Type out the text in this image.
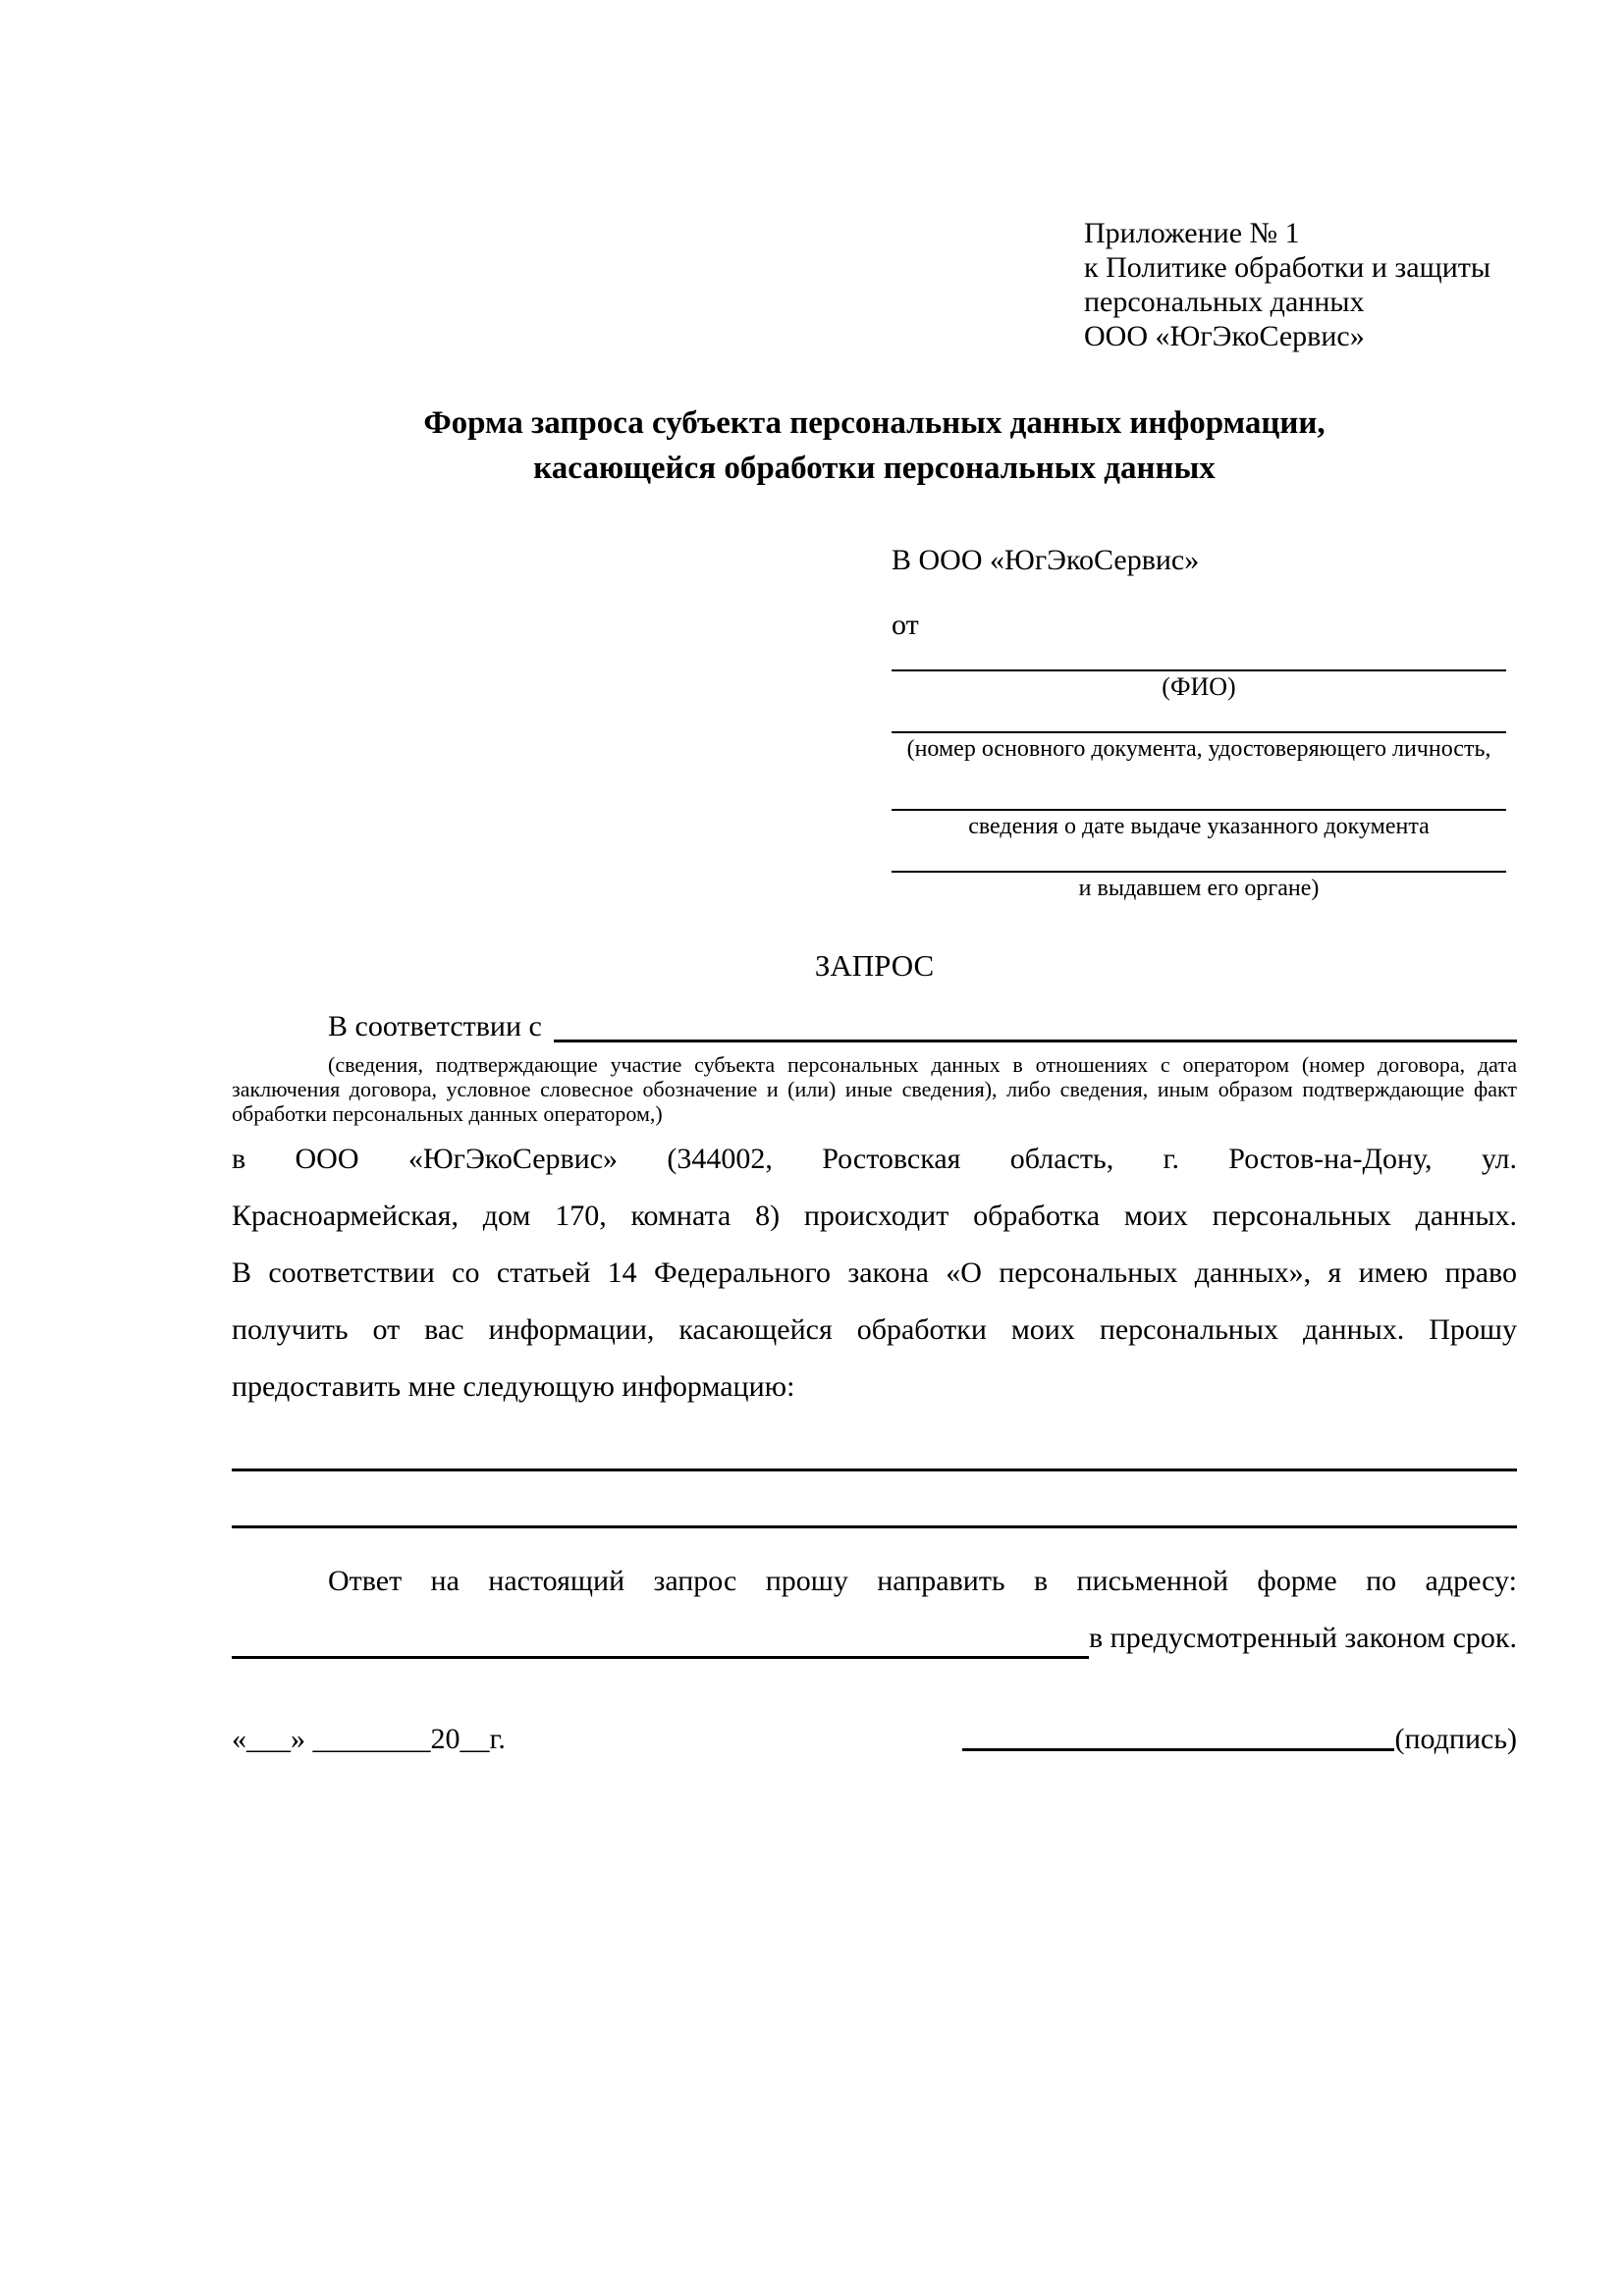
Приложение № 1
к Политике обработки и защиты
персональных данных
ООО «ЮгЭкоСервис»
Форма запроса субъекта персональных данных информации,
касающейся обработки персональных данных
В ООО «ЮгЭкоСервис»
от
(ФИО)
(номер основного документа, удостоверяющего личность,
сведения о дате выдаче указанного документа
и выдавшем его органе)
ЗАПРОС
В соответствии с
(сведения, подтверждающие участие субъекта персональных данных в отношениях с оператором (номер договора, дата заключения договора, условное словесное обозначение и (или) иные сведения), либо сведения, иным образом подтверждающие факт обработки персональных данных оператором,)
в ООО «ЮгЭкоСервис» (344002, Ростовская область, г. Ростов-на-Дону, ул.
Красноармейская, дом 170, комната 8) происходит обработка моих персональных данных.
В соответствии со статьей 14 Федерального закона «О персональных данных», я имею право
получить от вас информации, касающейся обработки моих персональных данных. Прошу
предоставить мне следующую информацию:
Ответ на настоящий запрос прошу направить в письменной форме по адресу:
в предусмотренный законом срок.
«___» ________20__г.	(подпись)
